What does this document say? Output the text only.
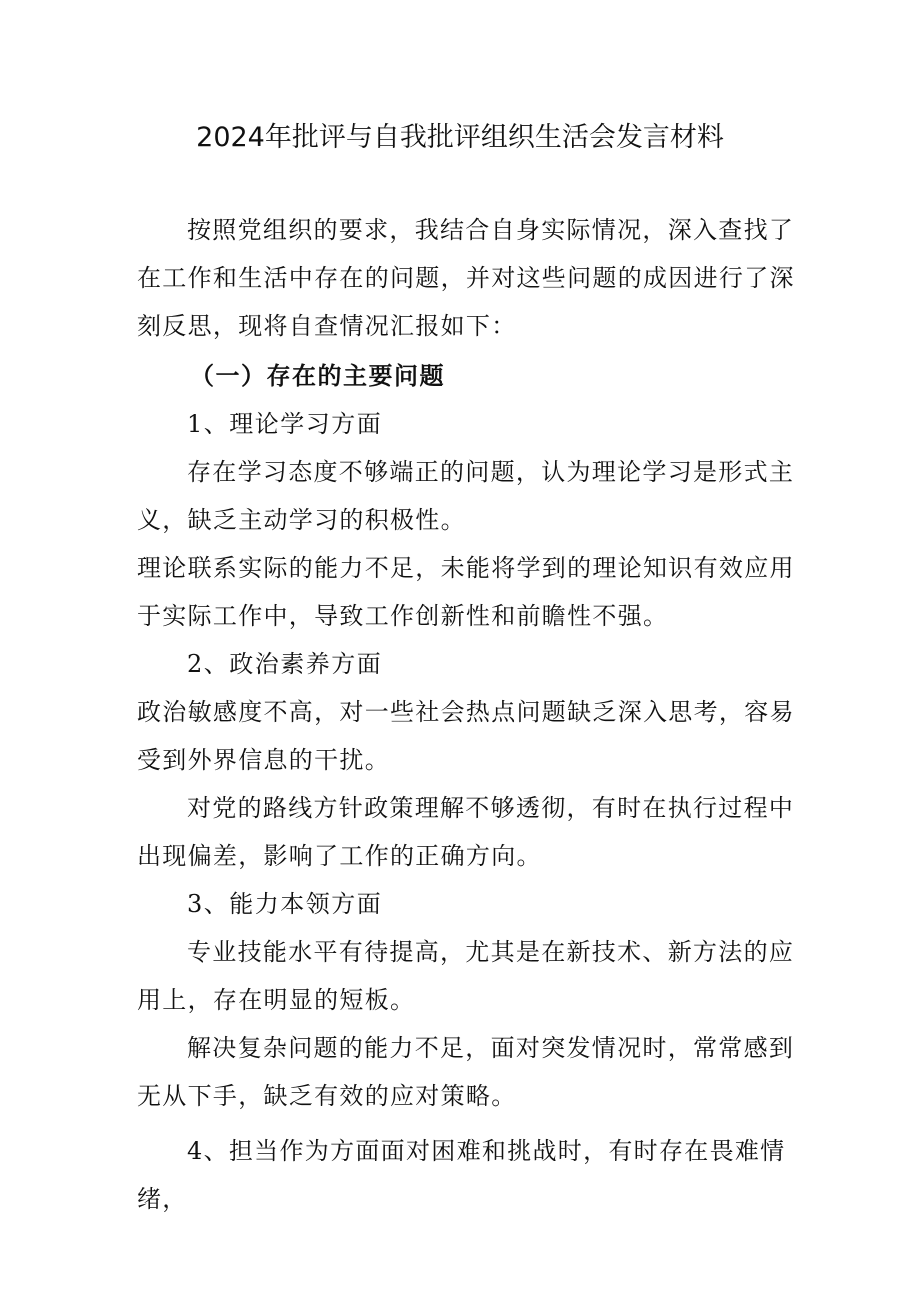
2024年批评与自我批评组织生活会发言材料
按照党组织的要求，我结合自身实际情况，深入查找了在工作和生活中存在的问题，并对这些问题的成因进行了深刻反思，现将自查情况汇报如下：
（一）存在的主要问题
1、理论学习方面
存在学习态度不够端正的问题，认为理论学习是形式主义，缺乏主动学习的积极性。
理论联系实际的能力不足，未能将学到的理论知识有效应用于实际工作中，导致工作创新性和前瞻性不强。
2、政治素养方面
政治敏感度不高，对一些社会热点问题缺乏深入思考，容易受到外界信息的干扰。
对党的路线方针政策理解不够透彻，有时在执行过程中出现偏差，影响了工作的正确方向。
3、能力本领方面
专业技能水平有待提高，尤其是在新技术、新方法的应用上，存在明显的短板。
解决复杂问题的能力不足，面对突发情况时，常常感到无从下手，缺乏有效的应对策略。
4、担当作为方面面对困难和挑战时，有时存在畏难情绪，
